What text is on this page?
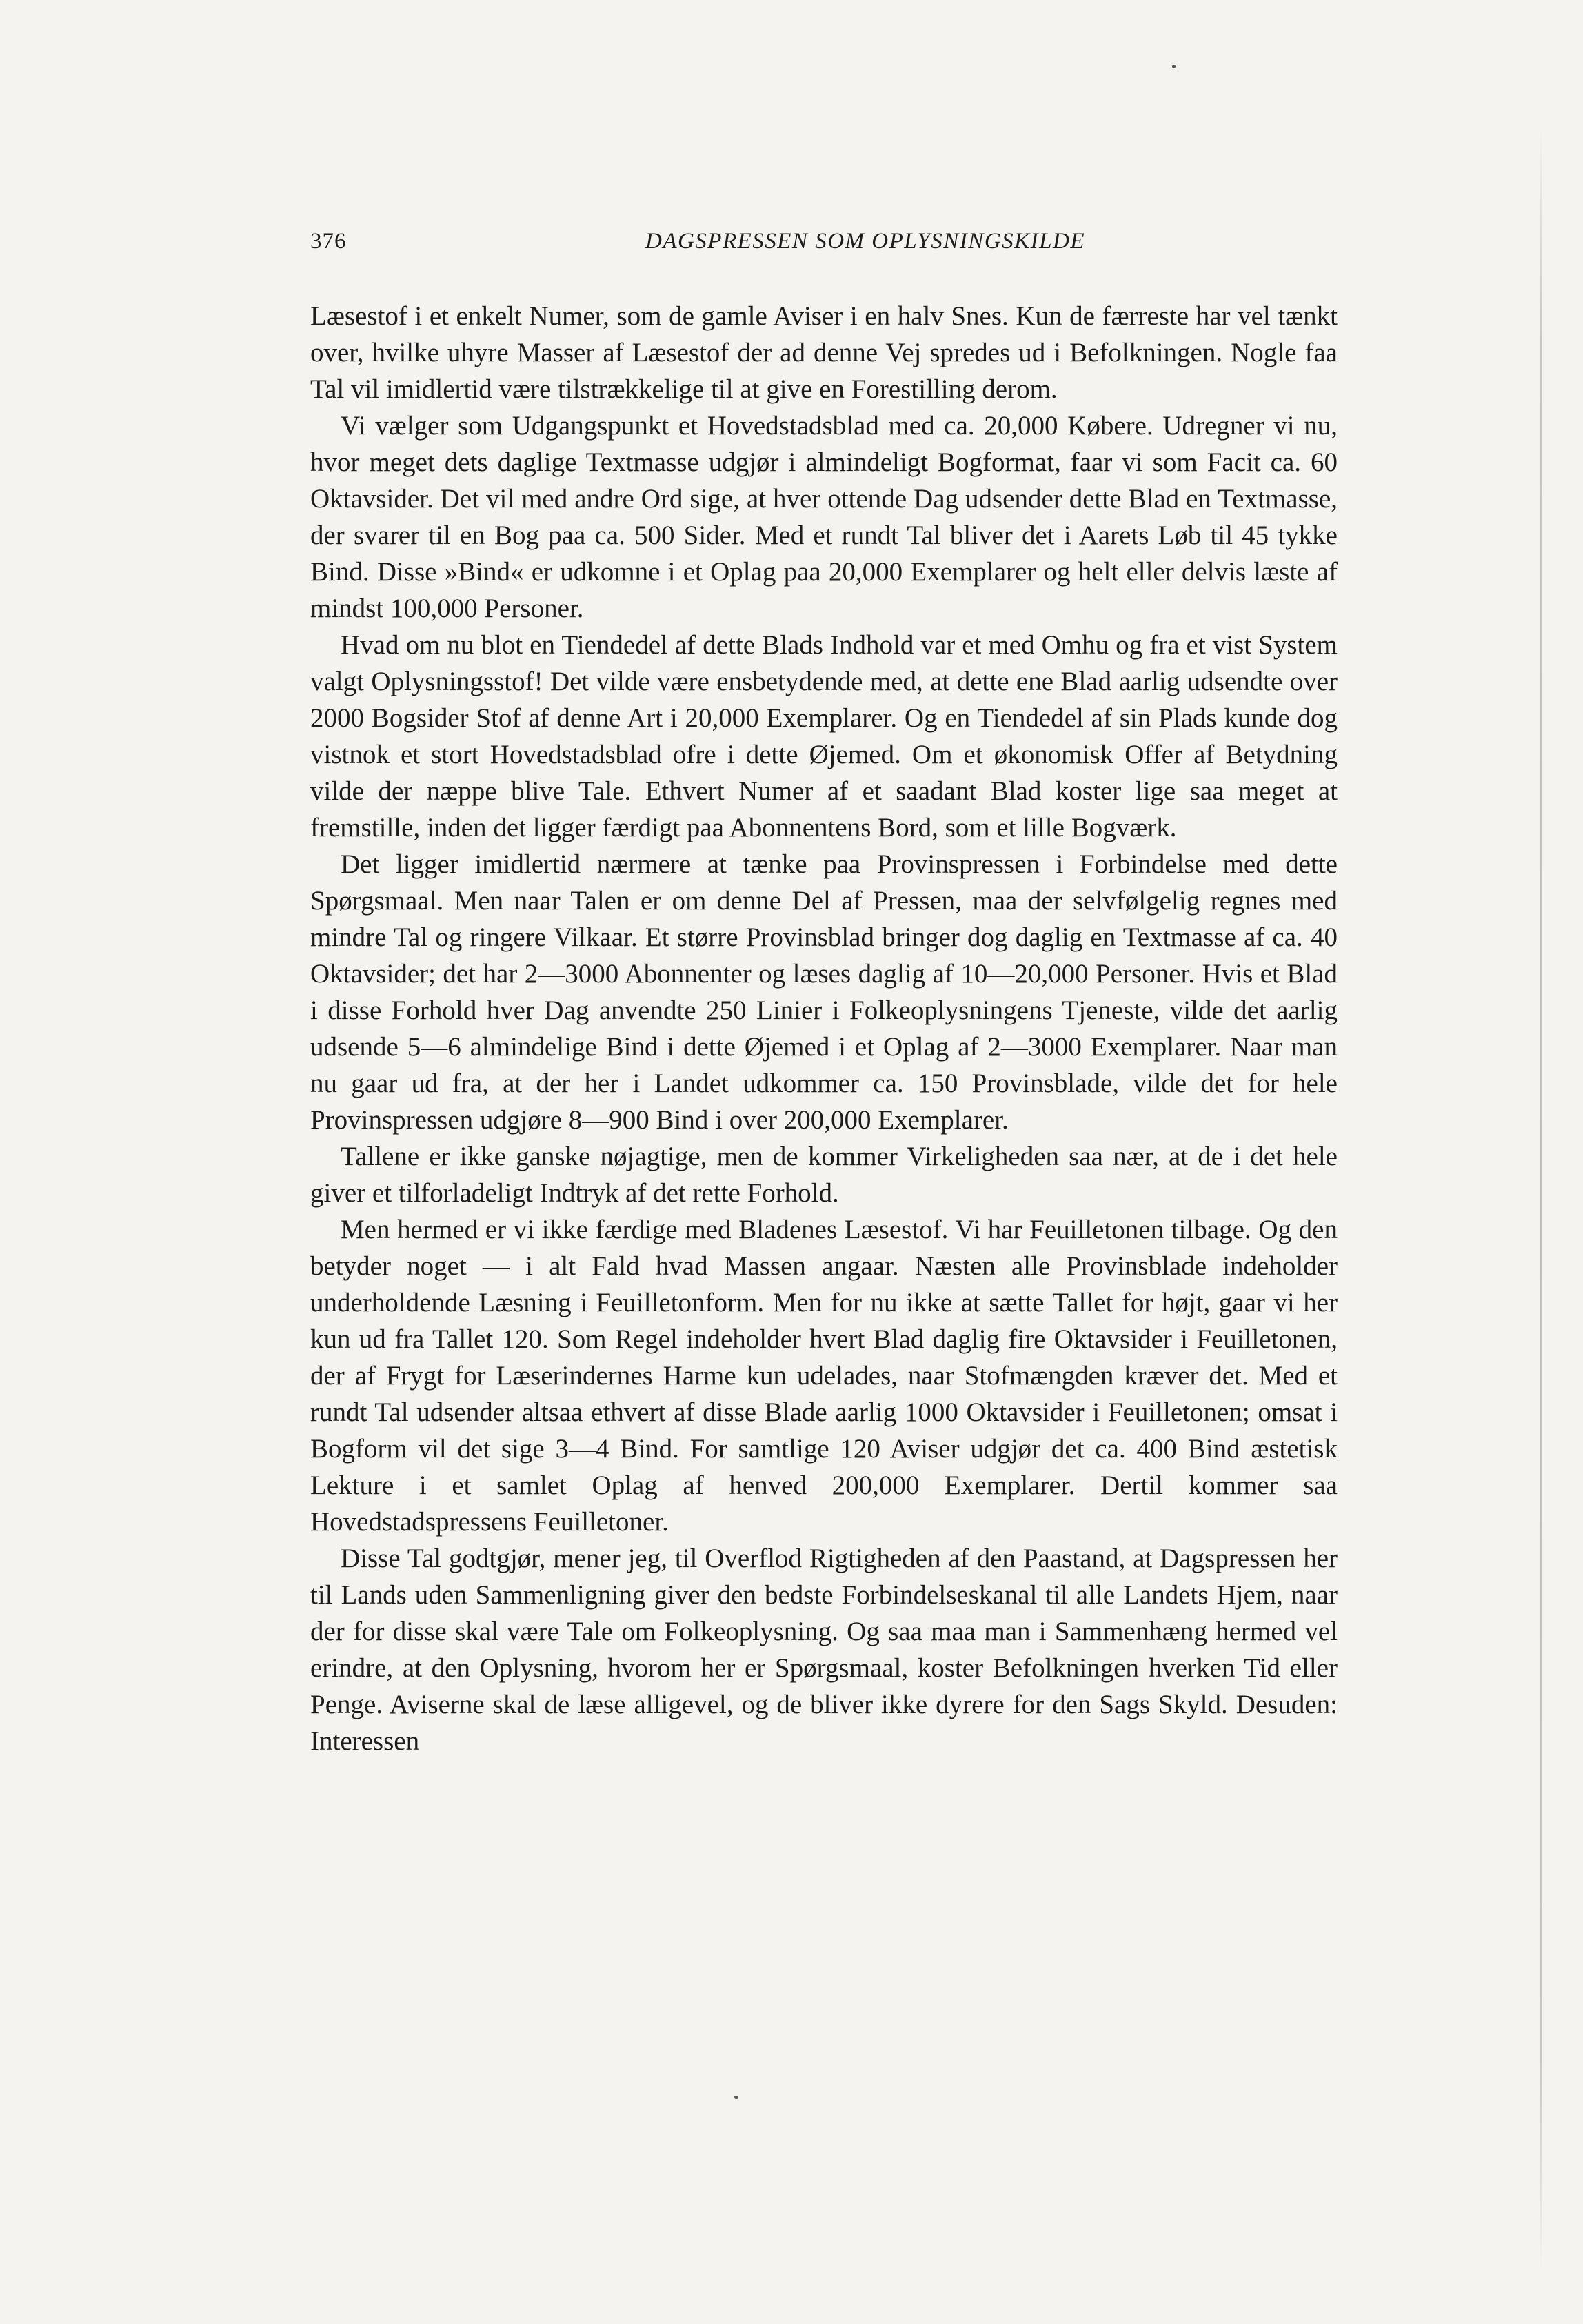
376	DAGSPRESSEN SOM OPLYSNINGSKILDE

Læsestof i et enkelt Numer, som de gamle Aviser i en halv Snes. Kun de færreste har vel tænkt over, hvilke uhyre Masser af Læsestof der ad denne Vej spredes ud i Befolkningen. Nogle faa Tal vil imidlertid være tilstrækkelige til at give en Forestilling derom.

Vi vælger som Udgangspunkt et Hovedstadsblad med ca. 20,000 Købere. Udregner vi nu, hvor meget dets daglige Textmasse udgjør i almindeligt Bogformat, faar vi som Facit ca. 60 Oktavsider. Det vil med andre Ord sige, at hver ottende Dag udsender dette Blad en Textmasse, der svarer til en Bog paa ca. 500 Sider. Med et rundt Tal bliver det i Aarets Løb til 45 tykke Bind. Disse »Bind« er udkomne i et Oplag paa 20,000 Exemplarer og helt eller delvis læste af mindst 100,000 Personer.

Hvad om nu blot en Tiendedel af dette Blads Indhold var et med Omhu og fra et vist System valgt Oplysningsstof! Det vilde være ensbetydende med, at dette ene Blad aarlig udsendte over 2000 Bogsider Stof af denne Art i 20,000 Exemplarer. Og en Tiendedel af sin Plads kunde dog vistnok et stort Hovedstadsblad ofre i dette Øjemed. Om et økonomisk Offer af Betydning vilde der næppe blive Tale. Ethvert Numer af et saadant Blad koster lige saa meget at fremstille, inden det ligger færdigt paa Abonnentens Bord, som et lille Bogværk.

Det ligger imidlertid nærmere at tænke paa Provinspressen i Forbindelse med dette Spørgsmaal. Men naar Talen er om denne Del af Pressen, maa der selvfølgelig regnes med mindre Tal og ringere Vilkaar. Et større Provinsblad bringer dog daglig en Textmasse af ca. 40 Oktavsider; det har 2—3000 Abonnenter og læses daglig af 10—20,000 Personer. Hvis et Blad i disse Forhold hver Dag anvendte 250 Linier i Folkeoplysningens Tjeneste, vilde det aarlig udsende 5—6 almindelige Bind i dette Øjemed i et Oplag af 2—3000 Exemplarer. Naar man nu gaar ud fra, at der her i Landet udkommer ca. 150 Provinsblade, vilde det for hele Provinspressen udgjøre 8—900 Bind i over 200,000 Exemplarer.

Tallene er ikke ganske nøjagtige, men de kommer Virkeligheden saa nær, at de i det hele giver et tilforladeligt Indtryk af det rette Forhold.

Men hermed er vi ikke færdige med Bladenes Læsestof. Vi har Feuilletonen tilbage. Og den betyder noget — i alt Fald hvad Massen angaar. Næsten alle Provinsblade indeholder underholdende Læsning i Feuilletonform. Men for nu ikke at sætte Tallet for højt, gaar vi her kun ud fra Tallet 120. Som Regel indeholder hvert Blad daglig fire Oktavsider i Feuilletonen, der af Frygt for Læserindernes Harme kun udelades, naar Stofmængden kræver det. Med et rundt Tal udsender altsaa ethvert af disse Blade aarlig 1000 Oktavsider i Feuilletonen; omsat i Bogform vil det sige 3—4 Bind. For samtlige 120 Aviser udgjør det ca. 400 Bind æstetisk Lekture i et samlet Oplag af henved 200,000 Exemplarer. Dertil kommer saa Hovedstadspressens Feuilletoner.

Disse Tal godtgjør, mener jeg, til Overflod Rigtigheden af den Paastand, at Dagspressen her til Lands uden Sammenligning giver den bedste Forbindelseskanal til alle Landets Hjem, naar der for disse skal være Tale om Folkeoplysning. Og saa maa man i Sammenhæng hermed vel erindre, at den Oplysning, hvorom her er Spørgsmaal, koster Befolkningen hverken Tid eller Penge. Aviserne skal de læse alligevel, og de bliver ikke dyrere for den Sags Skyld. Desuden: Interessen
